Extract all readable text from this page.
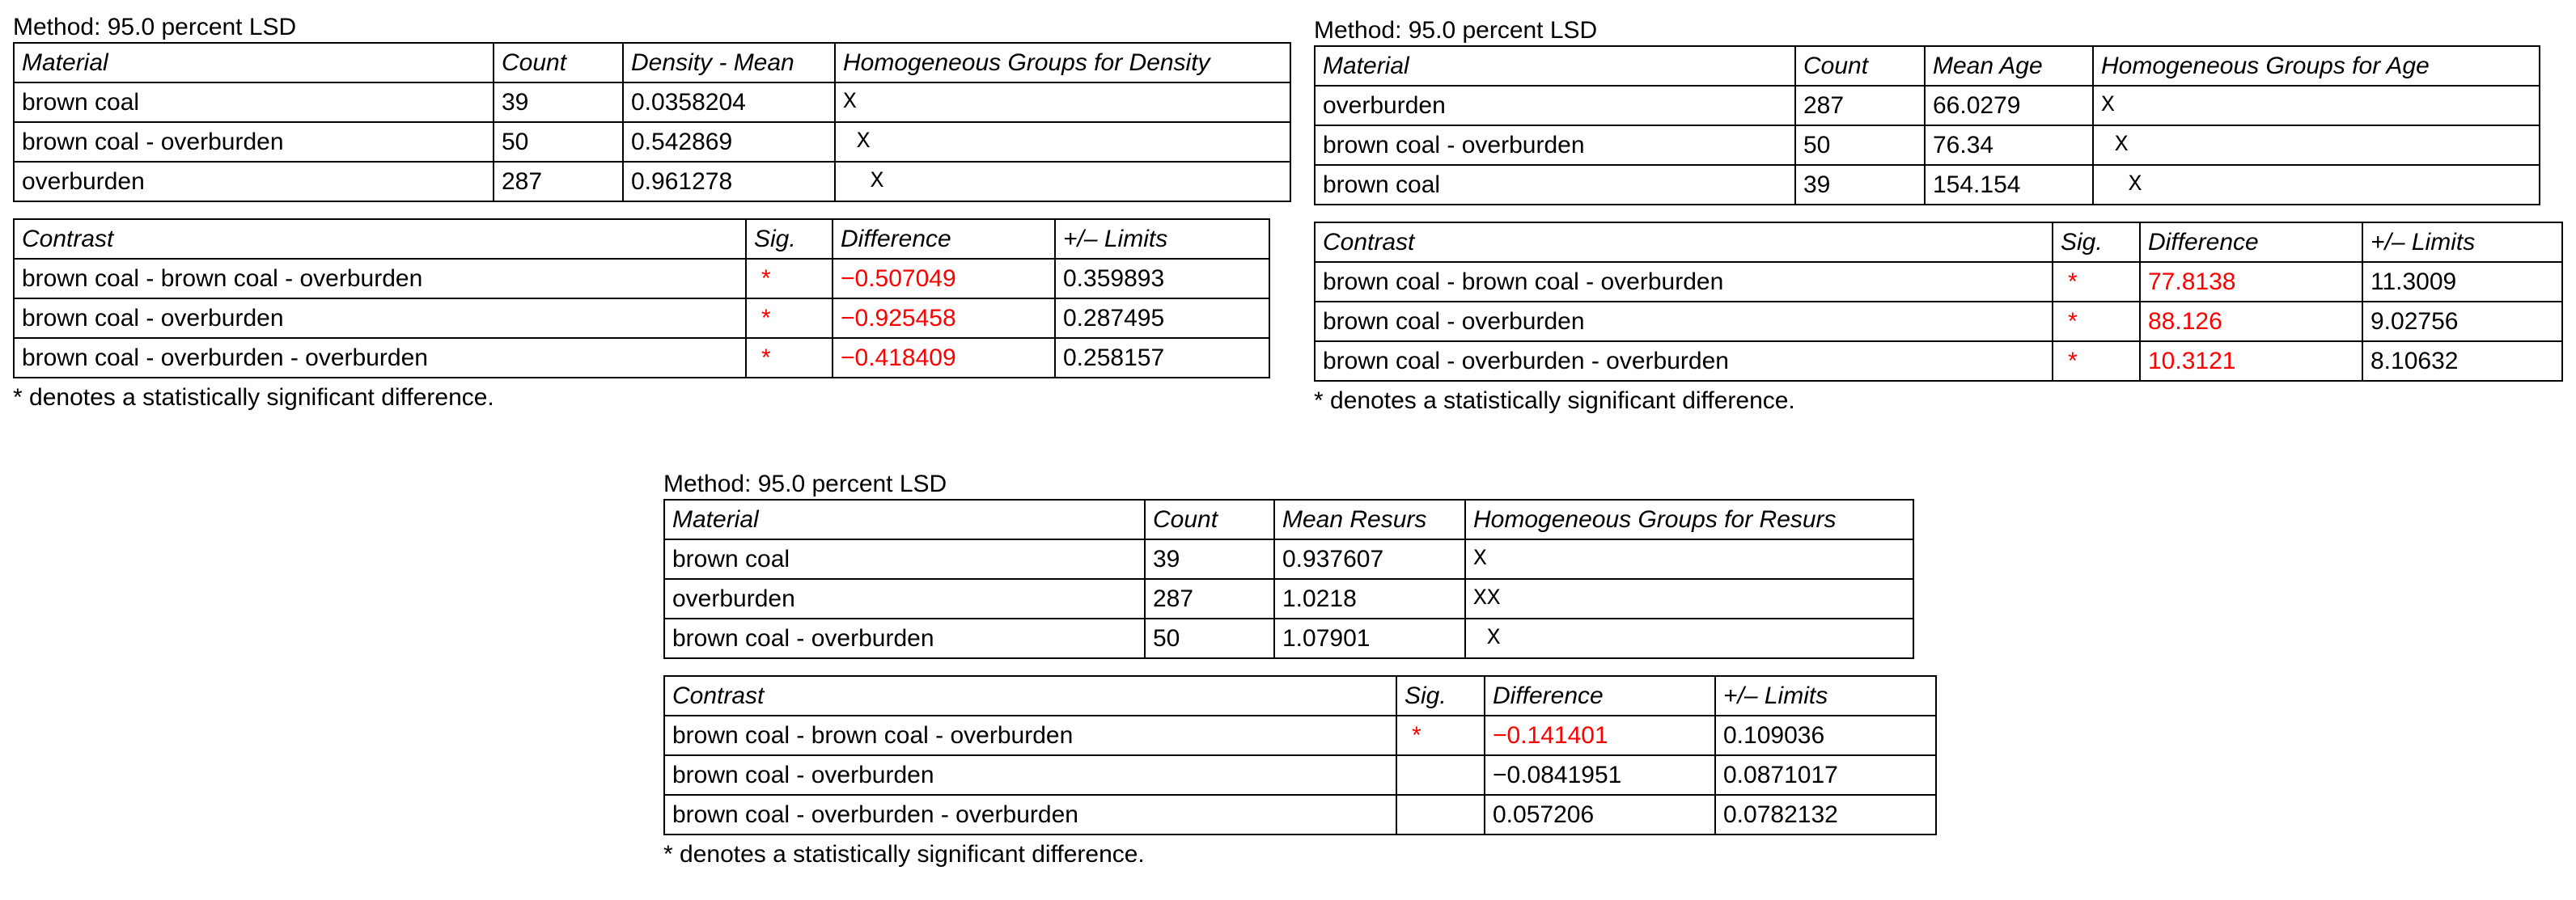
Method: 95.0 percent LSD
Material	Count	Density - Mean	Homogeneous Groups for Density
brown coal	39	0.0358204	X
brown coal - overburden	50	0.542869	X
overburden	287	0.961278	X
Contrast	Sig.	Difference	+/– Limits
brown coal - brown coal - overburden	*	−0.507049	0.359893
brown coal - overburden	*	−0.925458	0.287495
brown coal - overburden - overburden	*	−0.418409	0.258157
* denotes a statistically significant difference.
Method: 95.0 percent LSD
Material	Count	Mean Age	Homogeneous Groups for Age
overburden	287	66.0279	X
brown coal - overburden	50	76.34	X
brown coal	39	154.154	X
Contrast	Sig.	Difference	+/– Limits
brown coal - brown coal - overburden	*	77.8138	11.3009
brown coal - overburden	*	88.126	9.02756
brown coal - overburden - overburden	*	10.3121	8.10632
* denotes a statistically significant difference.
Method: 95.0 percent LSD
Material	Count	Mean Resurs	Homogeneous Groups for Resurs
brown coal	39	0.937607	X
overburden	287	1.0218	XX
brown coal - overburden	50	1.07901	X
Contrast	Sig.	Difference	+/– Limits
brown coal - brown coal - overburden	*	−0.141401	0.109036
brown coal - overburden		−0.0841951	0.0871017
brown coal - overburden - overburden		0.057206	0.0782132
* denotes a statistically significant difference.
